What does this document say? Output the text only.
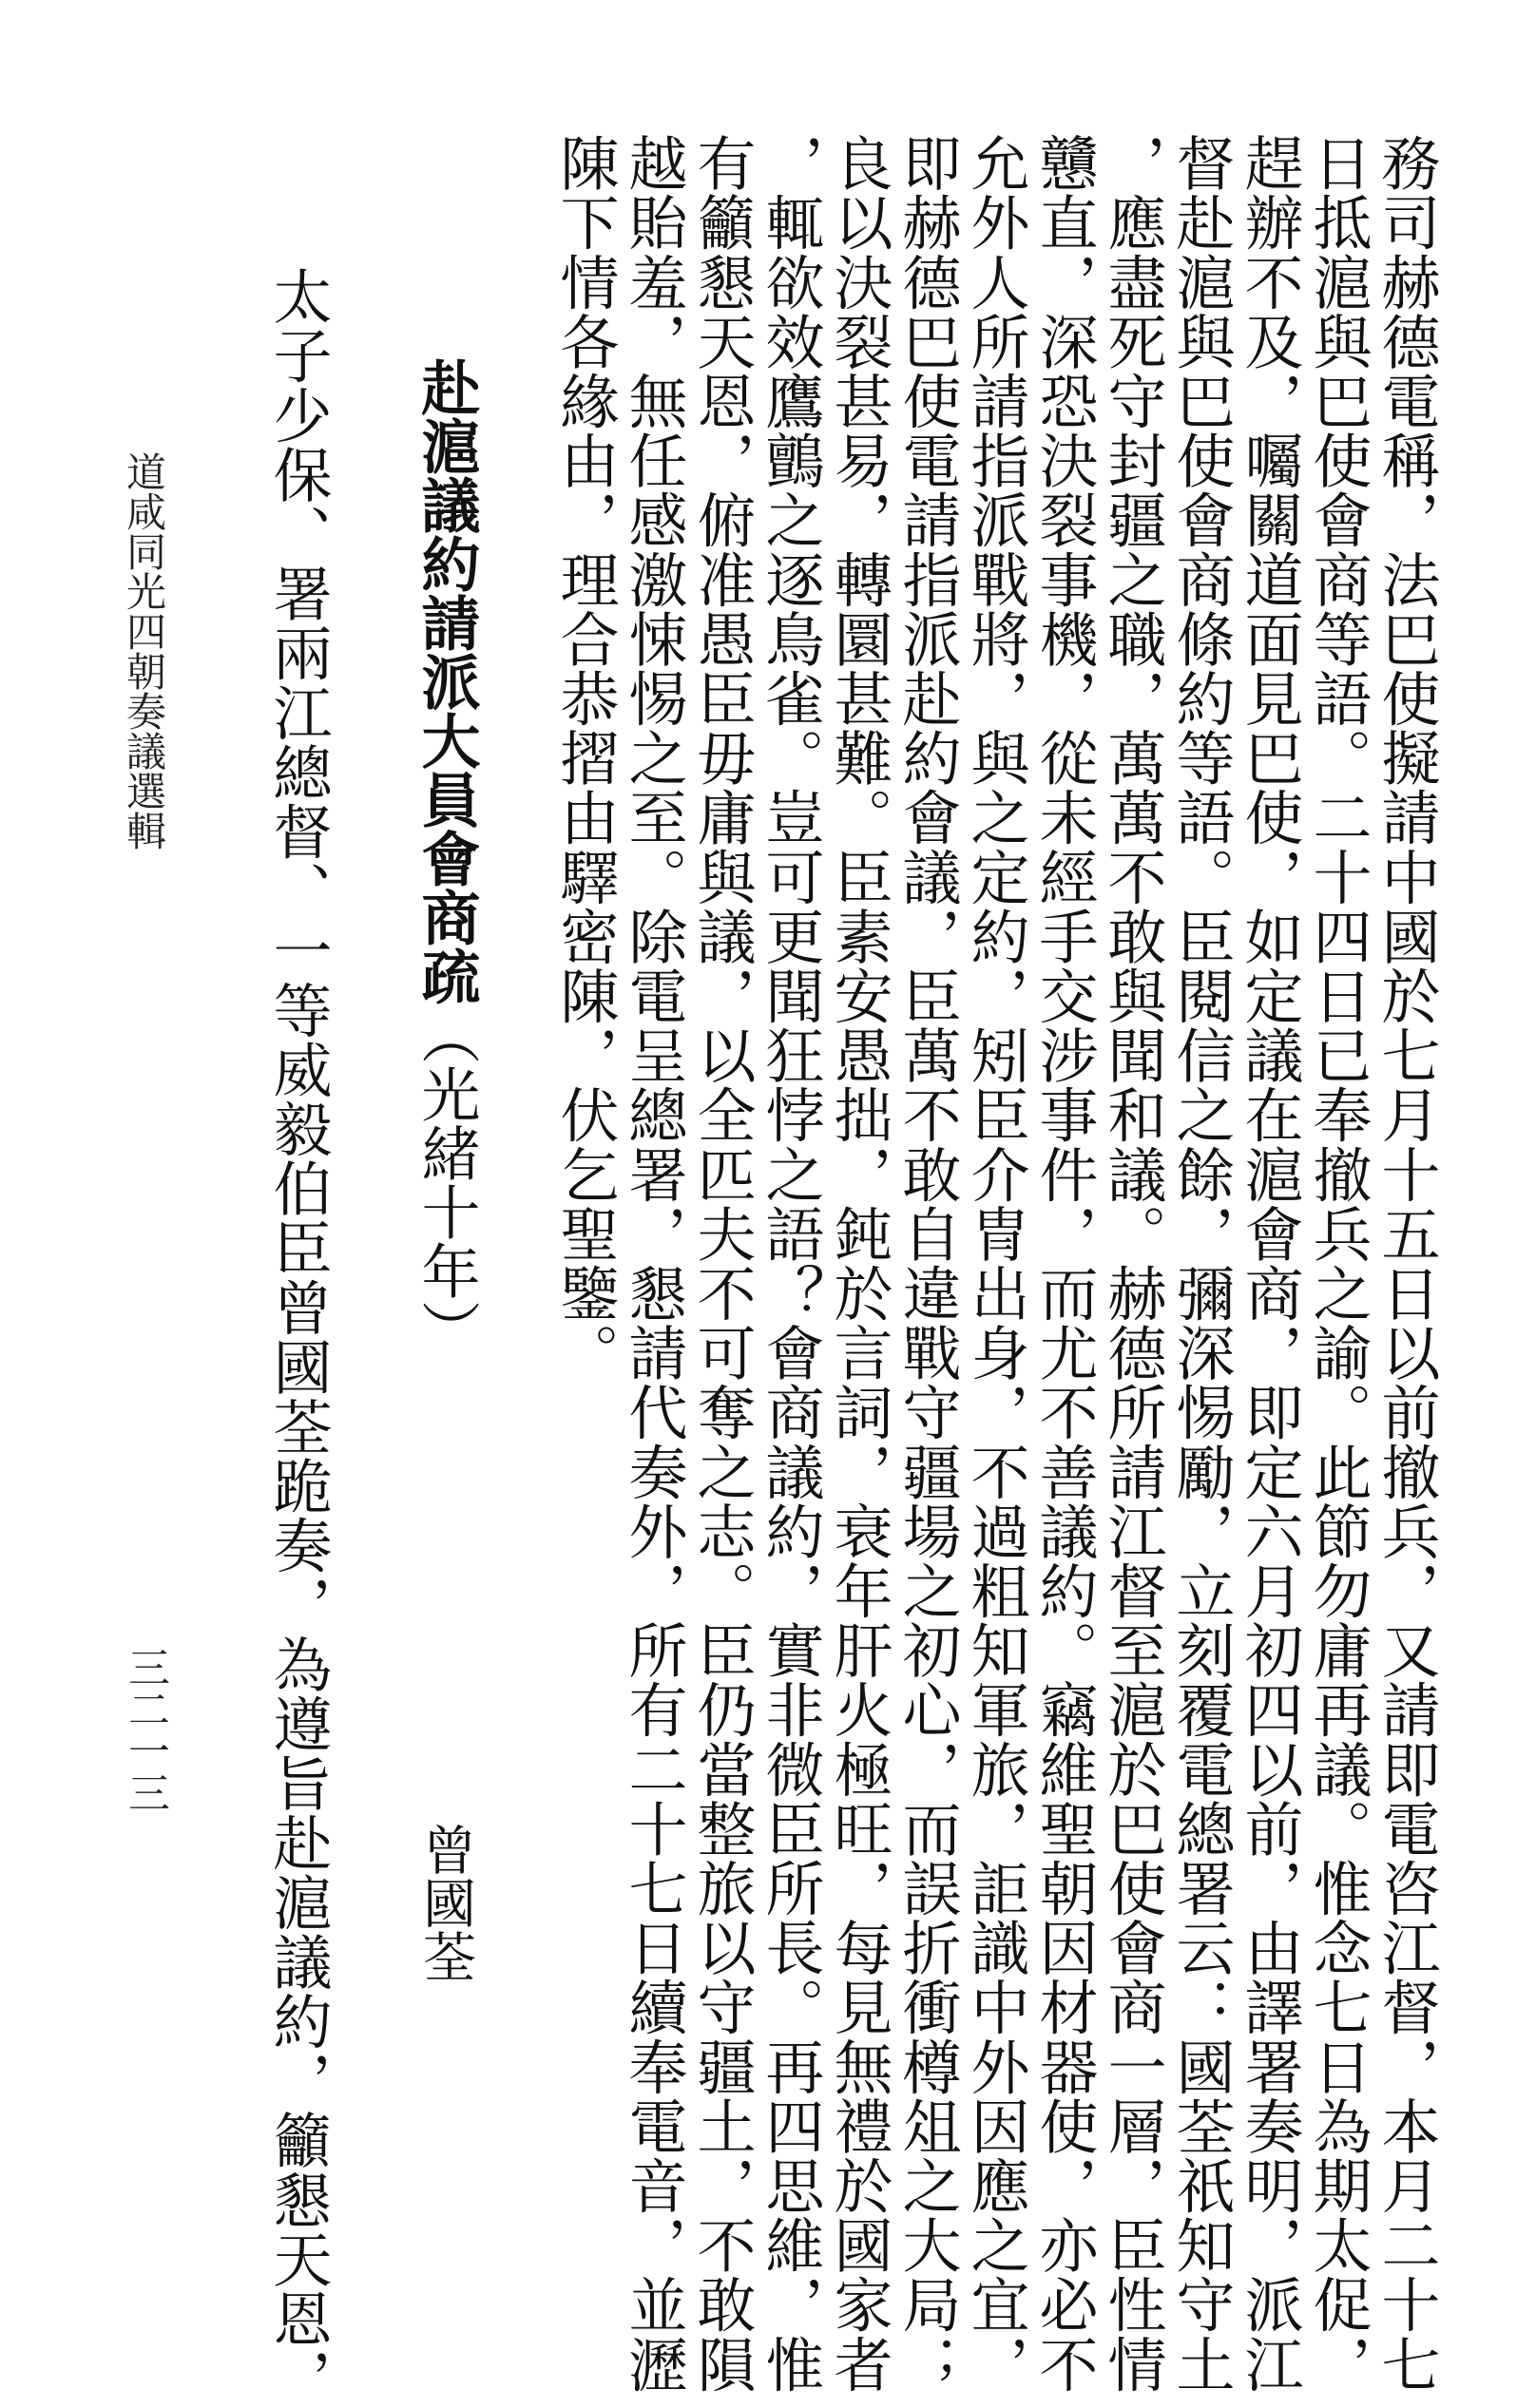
務司赫德電稱，法巴使擬請中國於七月十五日以前撤兵，又請即電咨江督，本月二十七
日抵滬與巴使會商等語。二十四日已奉撤兵之諭。此節勿庸再議。惟念七日為期太促，
趕辦不及，囑關道面見巴使，如定議在滬會商，即定六月初四以前，由譯署奏明，派江
督赴滬與巴使會商條約等語。臣閱信之餘，彌深惕勵，立刻覆電總署云：國荃祇知守土
，應盡死守封疆之職，萬萬不敢與聞和議。赫德所請江督至滬於巴使會商一層，臣性情
戇直，深恐決裂事機，從未經手交涉事件，而尤不善議約。竊維聖朝因材器使，亦必不
允外人所請指派戰將，與之定約，矧臣介冑出身，不過粗知軍旅，詎識中外因應之宜，
即赫德巴使電請指派赴約會議，臣萬不敢自違戰守疆場之初心，而誤折衝樽俎之大局；
良以決裂甚易，轉圜甚難。臣素安愚拙，鈍於言詞，衰年肝火極旺，每見無禮於國家者
，輒欲效鷹鸇之逐鳥雀。豈可更聞狂悖之語？會商議約，實非微臣所長。再四思維，惟
有籲懇天恩，俯准愚臣毋庸與議，以全匹夫不可奪之志。臣仍當整旅以守疆土，不敢隕
越貽羞，無任感激悚惕之至。除電呈總署，懇請代奏外，所有二十七日續奉電音，並瀝
陳下情各緣由，理合恭摺由驛密陳，伏乞聖鑒。
赴滬議約請派大員會商疏（光緒十年）
曾國荃
太子少保、署兩江總督、一等威毅伯臣曾國荃跪奏，為遵旨赴滬議約，籲懇天恩，
道咸同光四朝奏議選輯
三二一三
